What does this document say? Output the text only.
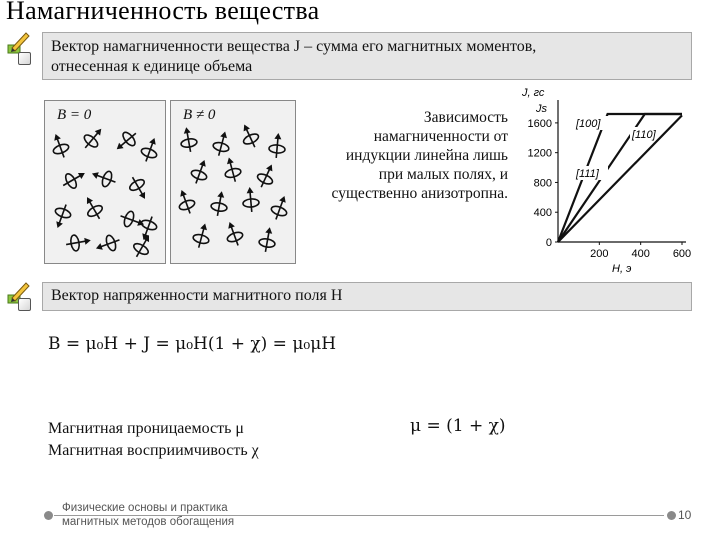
Намагниченность вещества
Вектор намагниченности вещества J – сумма его магнитных моментов,
отнесенная к единице объема
B = 0	B ≠ 0	Зависимость
намагниченности от
индукции линейна лишь
при малых полях, и
существенно анизотропна.
0
400
800
1200
1600
200 400 600
J, гс
Js
H, э
[100]
[110]
[111]
Вектор напряженности магнитного поля H
B = μ₀H + J = μ₀H(1 + χ) = μ₀μH
Магнитная проницаемость μ
Магнитная восприимчивость χ
μ = (1 + χ)
Физические основы и практика
магнитных методов обогащения	10
